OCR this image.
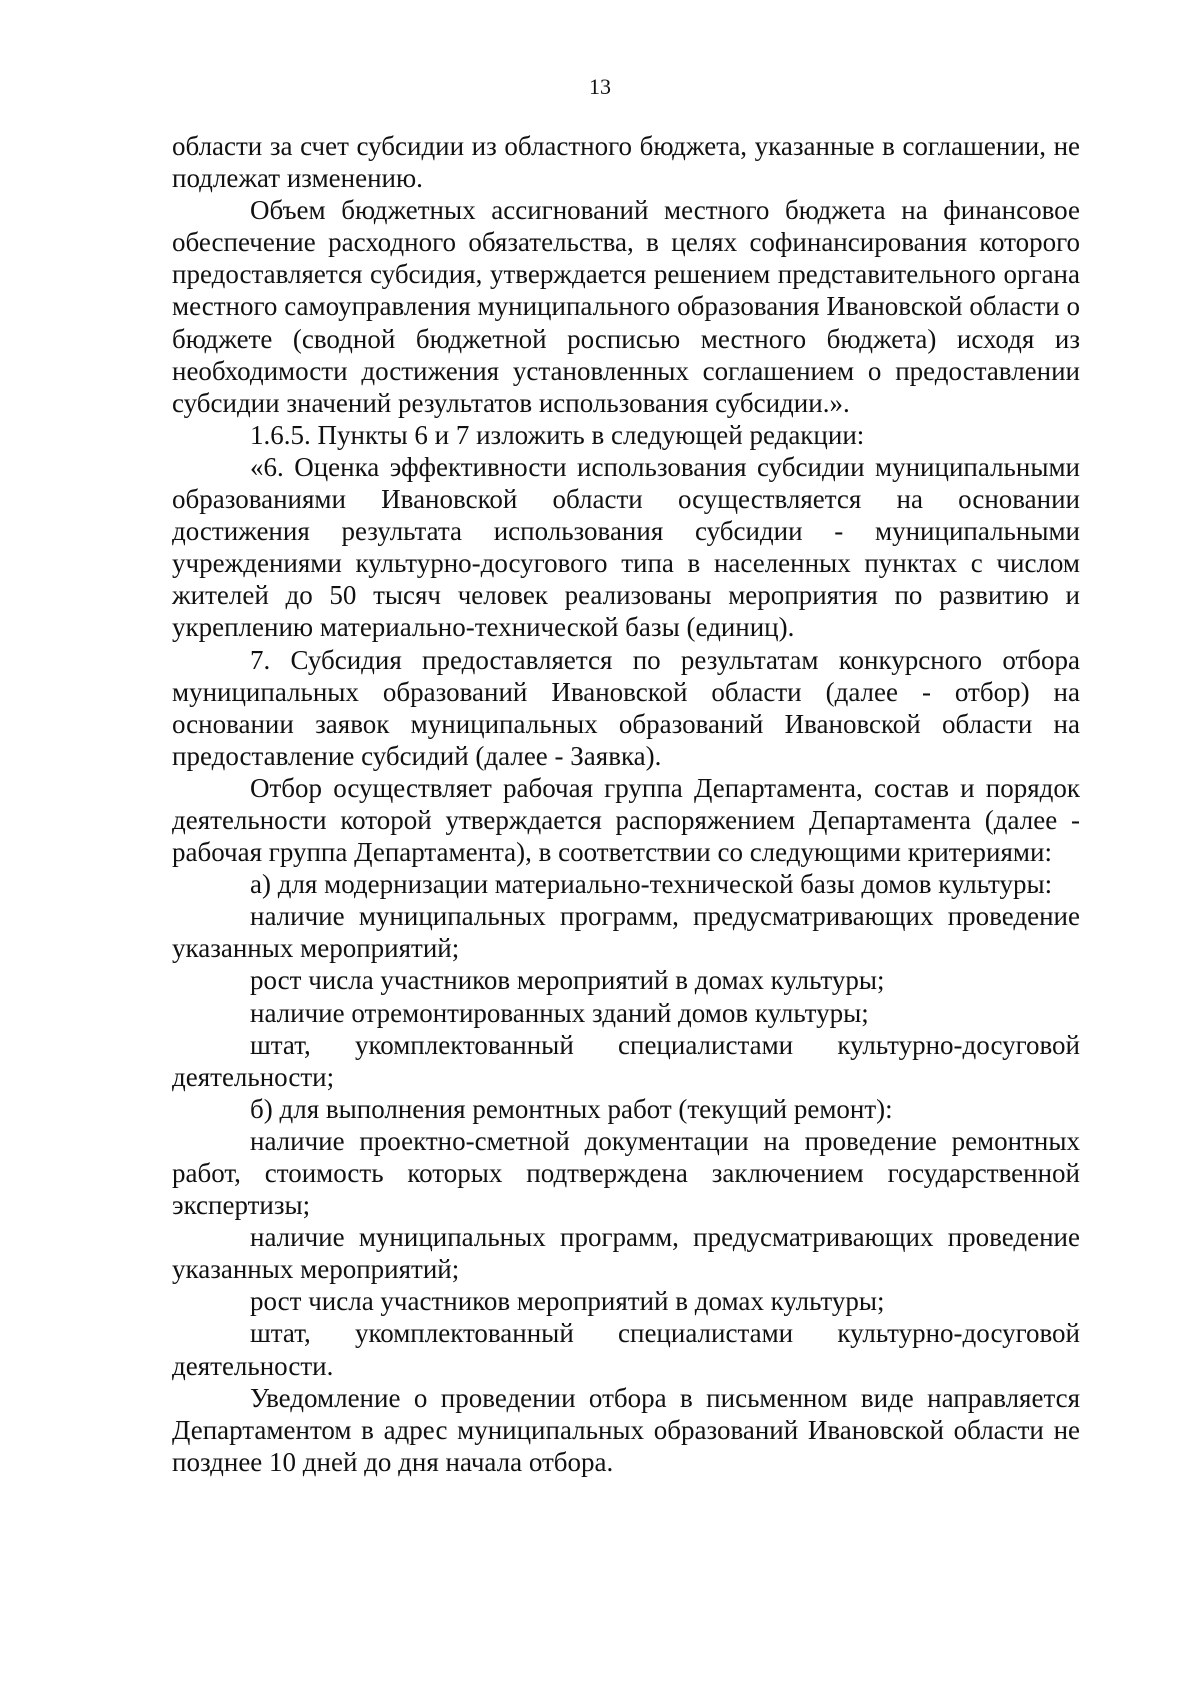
13

области за счет субсидии из областного бюджета, указанные в соглашении, не подлежат изменению.

Объем бюджетных ассигнований местного бюджета на финансовое обеспечение расходного обязательства, в целях софинансирования которого предоставляется субсидия, утверждается решением представительного органа местного самоуправления муниципального образования Ивановской области о бюджете (сводной бюджетной росписью местного бюджета) исходя из необходимости достижения установленных соглашением о предоставлении субсидии значений результатов использования субсидии.».

1.6.5. Пункты 6 и 7 изложить в следующей редакции:

«6. Оценка эффективности использования субсидии муниципальными образованиями Ивановской области осуществляется на основании достижения результата использования субсидии - муниципальными учреждениями культурно-досугового типа в населенных пунктах с числом жителей до 50 тысяч человек реализованы мероприятия по развитию и укреплению материально-технической базы (единиц).

7. Субсидия предоставляется по результатам конкурсного отбора муниципальных образований Ивановской области (далее - отбор) на основании заявок муниципальных образований Ивановской области на предоставление субсидий (далее - Заявка).

Отбор осуществляет рабочая группа Департамента, состав и порядок деятельности которой утверждается распоряжением Департамента (далее - рабочая группа Департамента), в соответствии со следующими критериями:

а) для модернизации материально-технической базы домов культуры:

наличие муниципальных программ, предусматривающих проведение указанных мероприятий;

рост числа участников мероприятий в домах культуры;

наличие отремонтированных зданий домов культуры;

штат, укомплектованный специалистами культурно-досуговой деятельности;

б) для выполнения ремонтных работ (текущий ремонт):

наличие проектно-сметной документации на проведение ремонтных работ, стоимость которых подтверждена заключением государственной экспертизы;

наличие муниципальных программ, предусматривающих проведение указанных мероприятий;

рост числа участников мероприятий в домах культуры;

штат, укомплектованный специалистами культурно-досуговой деятельности.

Уведомление о проведении отбора в письменном виде направляется Департаментом в адрес муниципальных образований Ивановской области не позднее 10 дней до дня начала отбора.
